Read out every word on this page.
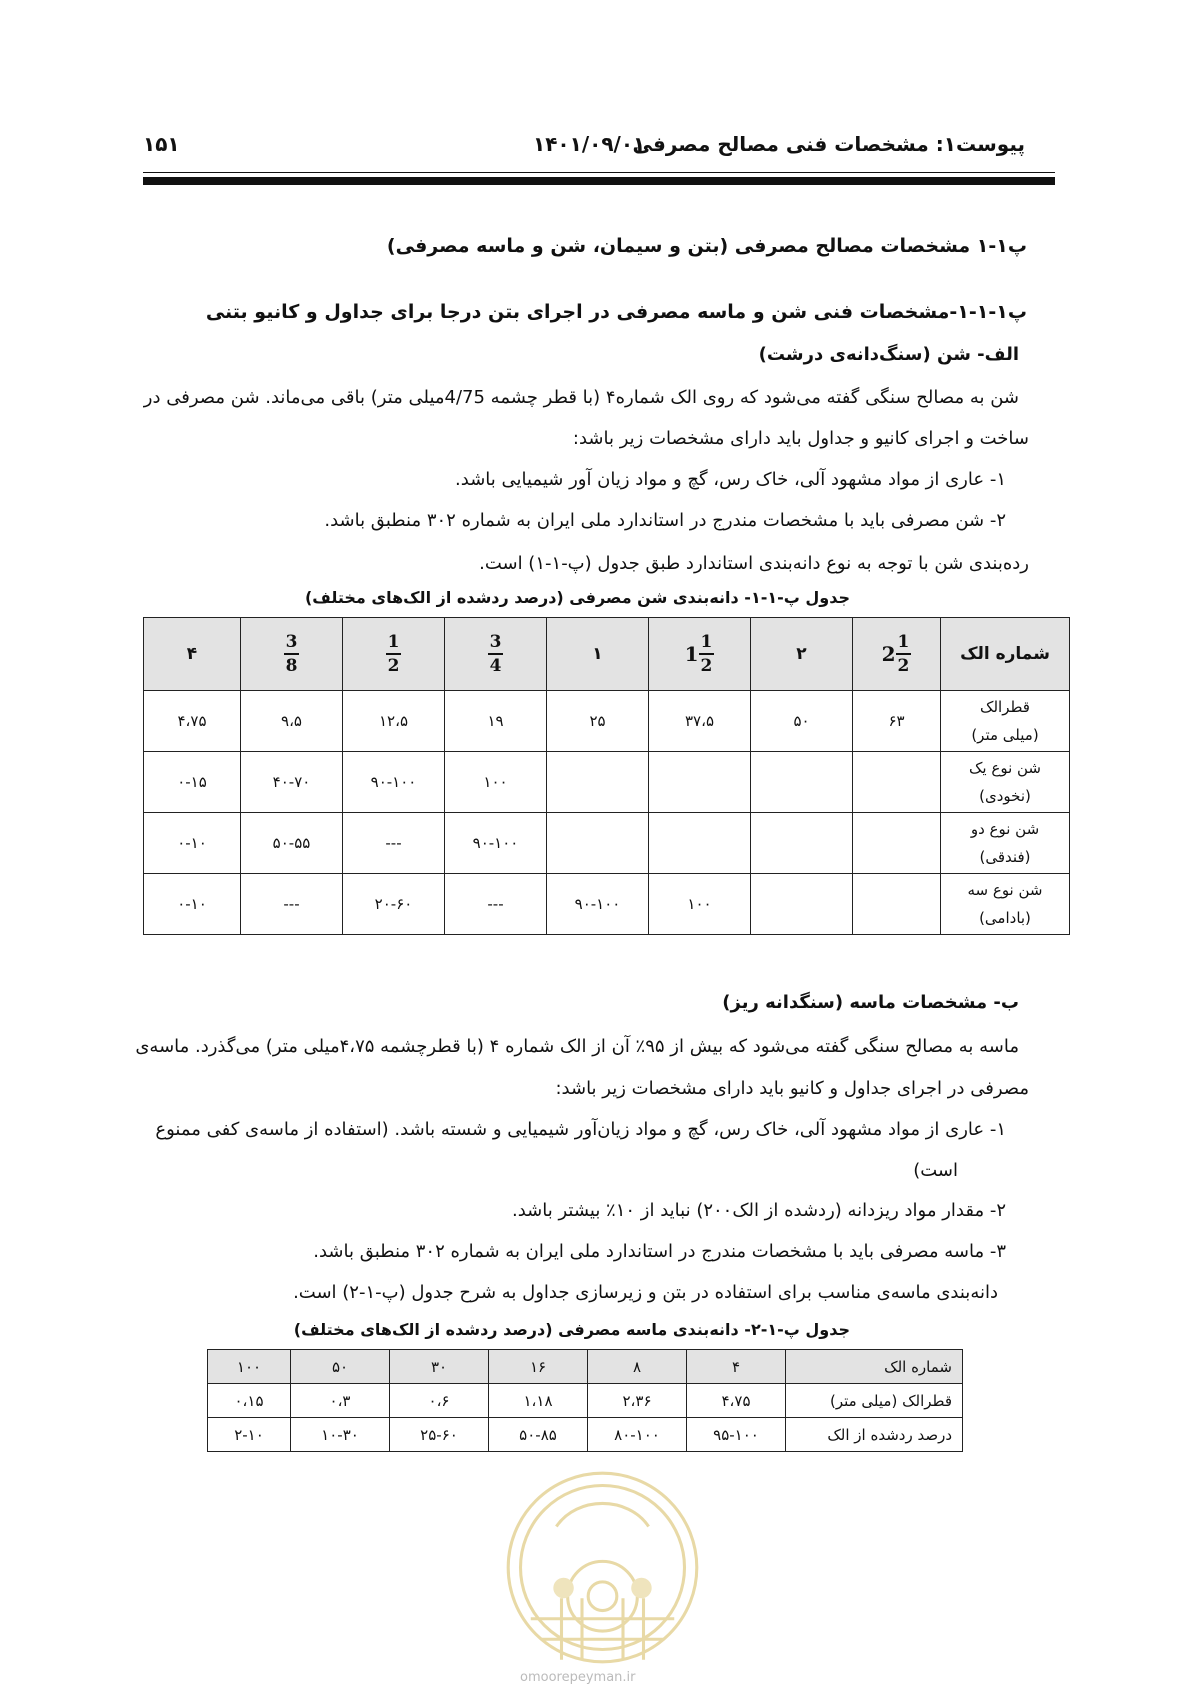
پیوست۱: مشخصات فنی مصالح مصرفی
۱۴۰۱/۰۹/۰۱
۱۵۱
پ۱-۱ مشخصات مصالح مصرفی (بتن و سیمان، شن و ماسه مصرفی)
پ۱-۱-۱-مشخصات فنی شن و ماسه مصرفی در اجرای بتن درجا برای جداول و کانیو بتنی
الف- شن (سنگ‌دانه‌ی درشت)
شن به مصالح سنگی گفته می‌شود که روی الک شماره۴ (با قطر چشمه 4/75میلی متر) باقی می‌ماند. شن مصرفی در
ساخت و اجرای کانیو و جداول باید دارای مشخصات زیر باشد:
۱- عاری از مواد مشهود آلی، خاک رس، گچ و مواد زیان آور شیمیایی باشد.
۲- شن مصرفی باید با مشخصات مندرج در استاندارد ملی ایران به شماره ۳۰۲ منطبق باشد.
رده‌بندی شن با توجه به نوع دانه‌بندی استاندارد طبق جدول (پ-۱-۱) است.
جدول پ-۱-۱- دانه‌بندی شن مصرفی (درصد ردشده از الک‌های مختلف)
شماره الک	$2 \frac{1}{2}$	۲	$1 \frac{1}{2}$	۱	$\frac{3}{4}$	$\frac{1}{2}$	$\frac{3}{8}$	۴

قطرالک
(میلی متر)	۶۳	۵۰	۳۷،۵	۲۵	۱۹	۱۲،۵	۹،۵	۴،۷۵

شن نوع یک
(نخودی)					۱۰۰	۹۰-۱۰۰	۴۰-۷۰	۰-۱۵

شن نوع دو
(فندقی)					۹۰-۱۰۰	---	۵۰-۵۵	۰-۱۰

شن نوع سه
(بادامی)			۱۰۰	۹۰-۱۰۰	---	۲۰-۶۰	---	۰-۱۰
ب- مشخصات ماسه (سنگدانه ریز)
ماسه به مصالح سنگی گفته می‌شود که بیش از ۹۵٪ آن از الک شماره ۴ (با قطرچشمه ۴،۷۵میلی متر) می‌گذرد. ماسه‌ی
مصرفی در اجرای جداول و کانیو باید دارای مشخصات زیر باشد:
۱- عاری از مواد مشهود آلی، خاک رس، گچ و مواد زیان‌آور شیمیایی و شسته باشد. (استفاده از ماسه‌ی کفی ممنوع
است)
۲- مقدار مواد ریزدانه (ردشده از الک۲۰۰) نباید از ۱۰٪ بیشتر باشد.
۳- ماسه مصرفی باید با مشخصات مندرج در استاندارد ملی ایران به شماره ۳۰۲ منطبق باشد.
دانه‌بندی ماسه‌ی مناسب برای استفاده در بتن و زیرسازی جداول به شرح جدول (پ-۱-۲) است.
جدول پ-۱-۲- دانه‌بندی ماسه مصرفی (درصد ردشده از الک‌های مختلف)
شماره الک	۴	۸	۱۶	۳۰	۵۰	۱۰۰
قطرالک (میلی متر)	۴،۷۵	۲،۳۶	۱،۱۸	۰،۶	۰،۳	۰،۱۵
درصد ردشده از الک	۹۵-۱۰۰	۸۰-۱۰۰	۵۰-۸۵	۲۵-۶۰	۱۰-۳۰	۲-۱۰
omoorepeyman.ir
